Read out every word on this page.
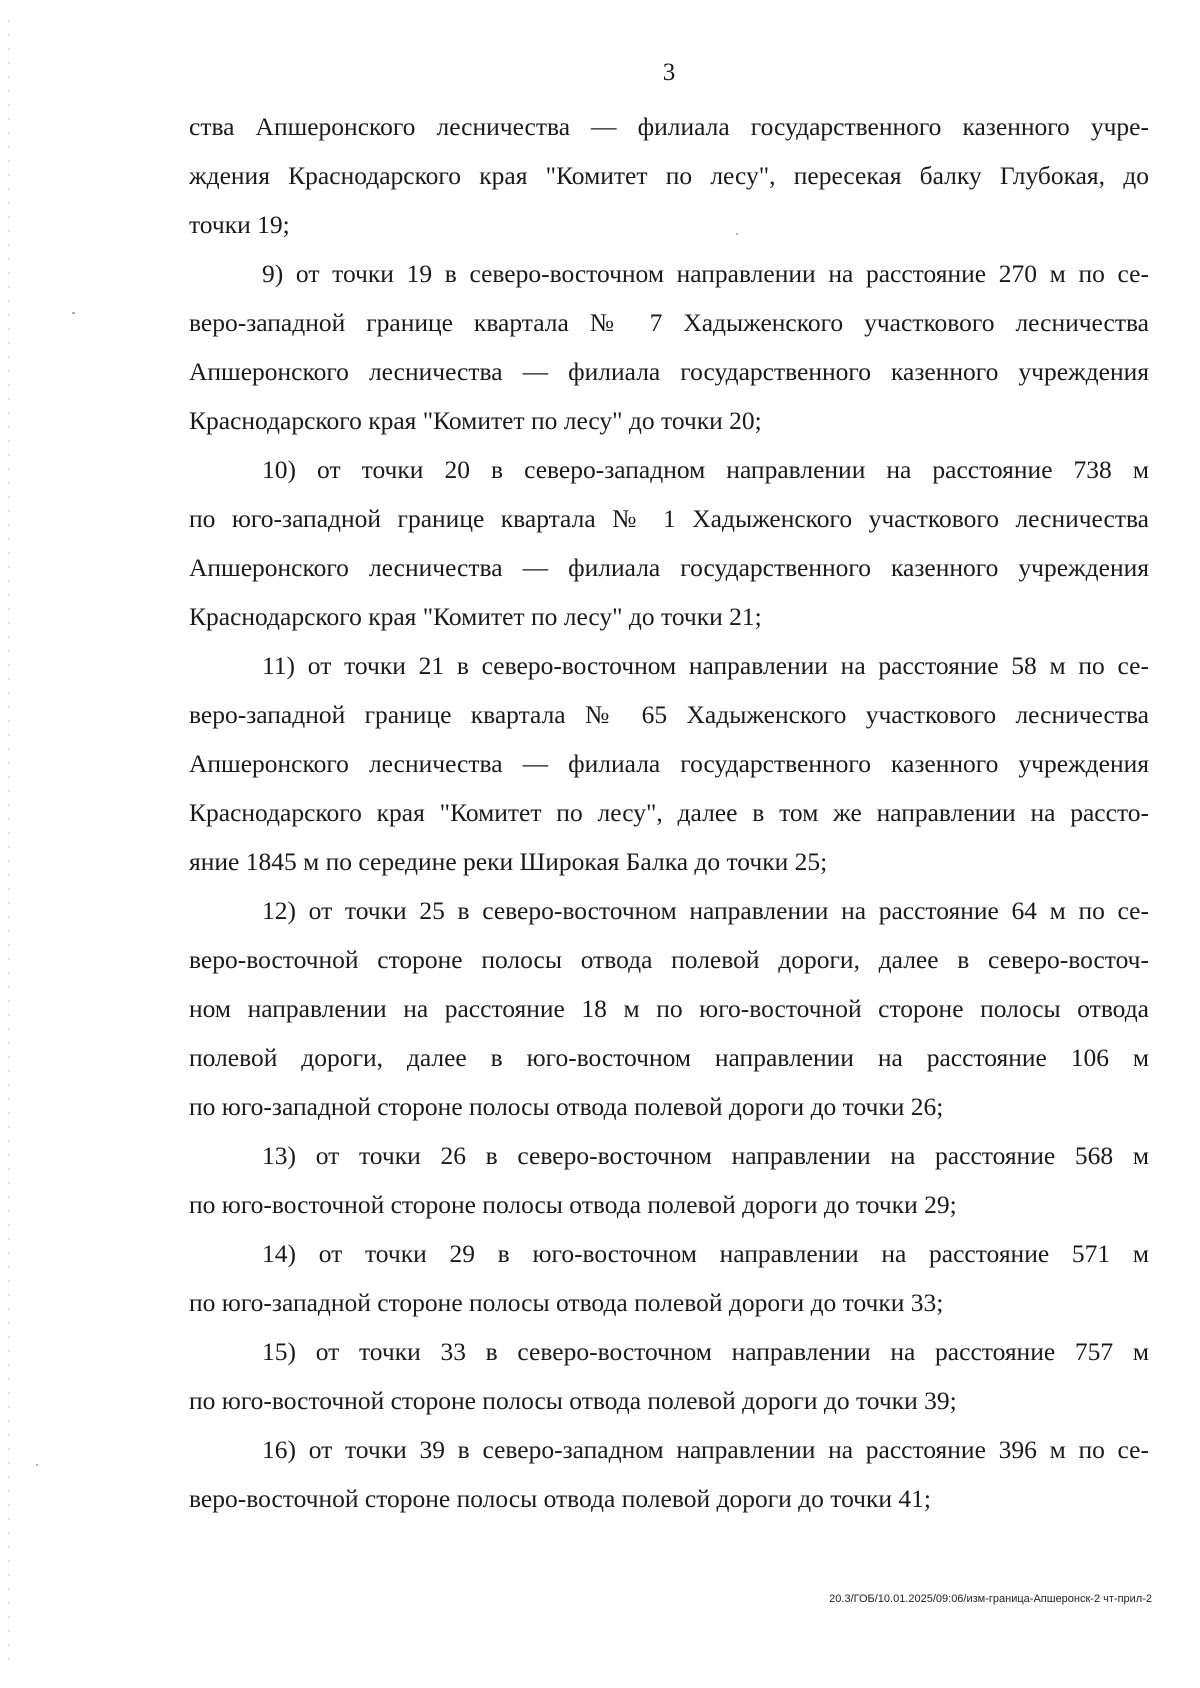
3
ства Апшеронского лесничества — филиала государственного казенного учре-
ждения Краснодарского края "Комитет по лесу", пересекая балку Глубокая, до
точки 19;
9) от точки 19 в северо-восточном направлении на расстояние 270 м по се-
веро-западной границе квартала № 7 Хадыженского участкового лесничества
Апшеронского лесничества — филиала государственного казенного учреждения
Краснодарского края "Комитет по лесу" до точки 20;
10) от точки 20 в северо-западном направлении на расстояние 738 м
по юго-западной границе квартала № 1 Хадыженского участкового лесничества
Апшеронского лесничества — филиала государственного казенного учреждения
Краснодарского края "Комитет по лесу" до точки 21;
11) от точки 21 в северо-восточном направлении на расстояние 58 м по се-
веро-западной границе квартала № 65 Хадыженского участкового лесничества
Апшеронского лесничества — филиала государственного казенного учреждения
Краснодарского края "Комитет по лесу", далее в том же направлении на рассто-
яние 1845 м по середине реки Широкая Балка до точки 25;
12) от точки 25 в северо-восточном направлении на расстояние 64 м по се-
веро-восточной стороне полосы отвода полевой дороги, далее в северо-восточ-
ном направлении на расстояние 18 м по юго-восточной стороне полосы отвода
полевой дороги, далее в юго-восточном направлении на расстояние 106 м
по юго-западной стороне полосы отвода полевой дороги до точки 26;
13) от точки 26 в северо-восточном направлении на расстояние 568 м
по юго-восточной стороне полосы отвода полевой дороги до точки 29;
14) от точки 29 в юго-восточном направлении на расстояние 571 м
по юго-западной стороне полосы отвода полевой дороги до точки 33;
15) от точки 33 в северо-восточном направлении на расстояние 757 м
по юго-восточной стороне полосы отвода полевой дороги до точки 39;
16) от точки 39 в северо-западном направлении на расстояние 396 м по се-
веро-восточной стороне полосы отвода полевой дороги до точки 41;
20.3/ГОБ/10.01.2025/09:06/изм-граница-Апшеронск-2 чт-прил-2
